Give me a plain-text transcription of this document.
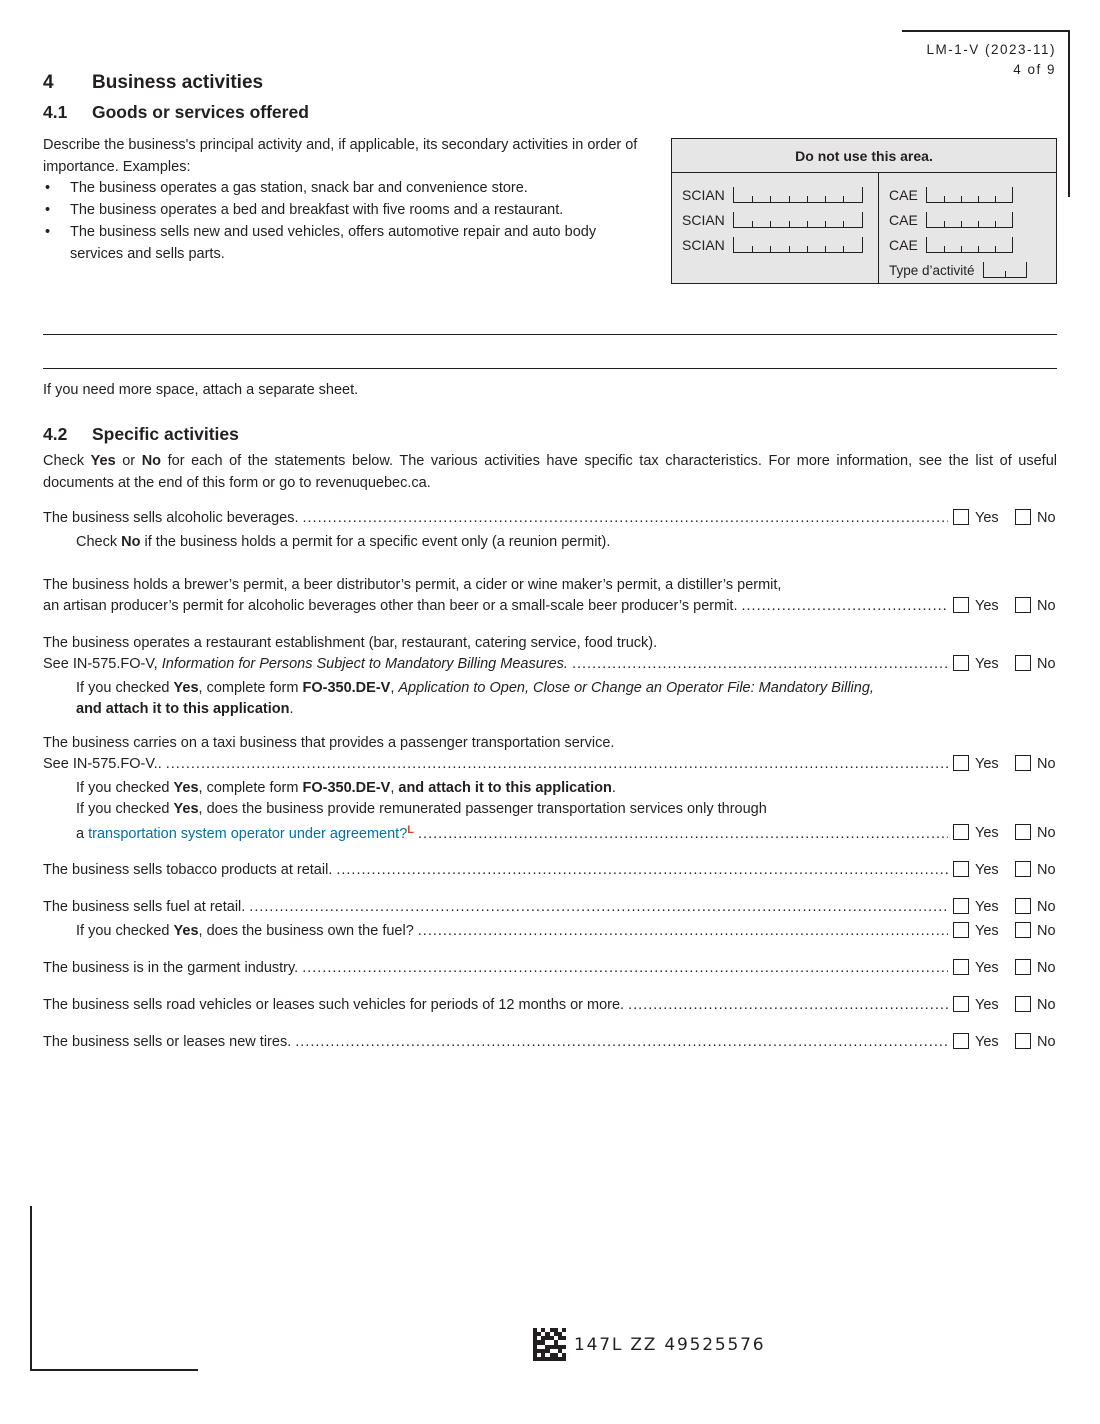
LM-1-V (2023-11)
4 of 9
4 Business activities
4.1 Goods or services offered
Describe the business's principal activity and, if applicable, its secondary activities in order of importance. Examples:
• The business operates a gas station, snack bar and convenience store.
• The business operates a bed and breakfast with five rooms and a restaurant.
• The business sells new and used vehicles, offers automotive repair and auto body services and sells parts.
Do not use this area.
SCIAN
SCIAN
SCIAN
CAE
CAE
CAE
Type d’activité
If you need more space, attach a separate sheet.
4.2 Specific activities
Check Yes or No for each of the statements below. The various activities have specific tax characteristics. For more information, see the list of useful documents at the end of this form or go to revenuquebec.ca.
The business sells alcoholic beverages. .....	Yes	No
Check No if the business holds a permit for a specific event only (a reunion permit).
The business holds a brewer’s permit, a beer distributor’s permit, a cider or wine maker’s permit, a distiller’s permit,
an artisan producer’s permit for alcoholic beverages other than beer or a small-scale beer producer’s permit. .....	Yes	No
The business operates a restaurant establishment (bar, restaurant, catering service, food truck).
See IN-575.FO-V, Information for Persons Subject to Mandatory Billing Measures. .....	Yes	No
If you checked Yes, complete form FO-350.DE-V, Application to Open, Close or Change an Operator File: Mandatory Billing,
and attach it to this application.
The business carries on a taxi business that provides a passenger transportation service.
See IN-575.FO-V.. .....	Yes	No
If you checked Yes, complete form FO-350.DE-V, and attach it to this application.
If you checked Yes, does the business provide remunerated passenger transportation services only through
a transportation system operator under agreement?$^L$ .....	Yes	No
The business sells tobacco products at retail. .....	Yes	No
The business sells fuel at retail. .....	Yes	No
If you checked Yes, does the business own the fuel? .....	Yes	No
The business is in the garment industry. .....	Yes	No
The business sells road vehicles or leases such vehicles for periods of 12 months or more. .....	Yes	No
The business sells or leases new tires. .....	Yes	No
147L ZZ 49525576
